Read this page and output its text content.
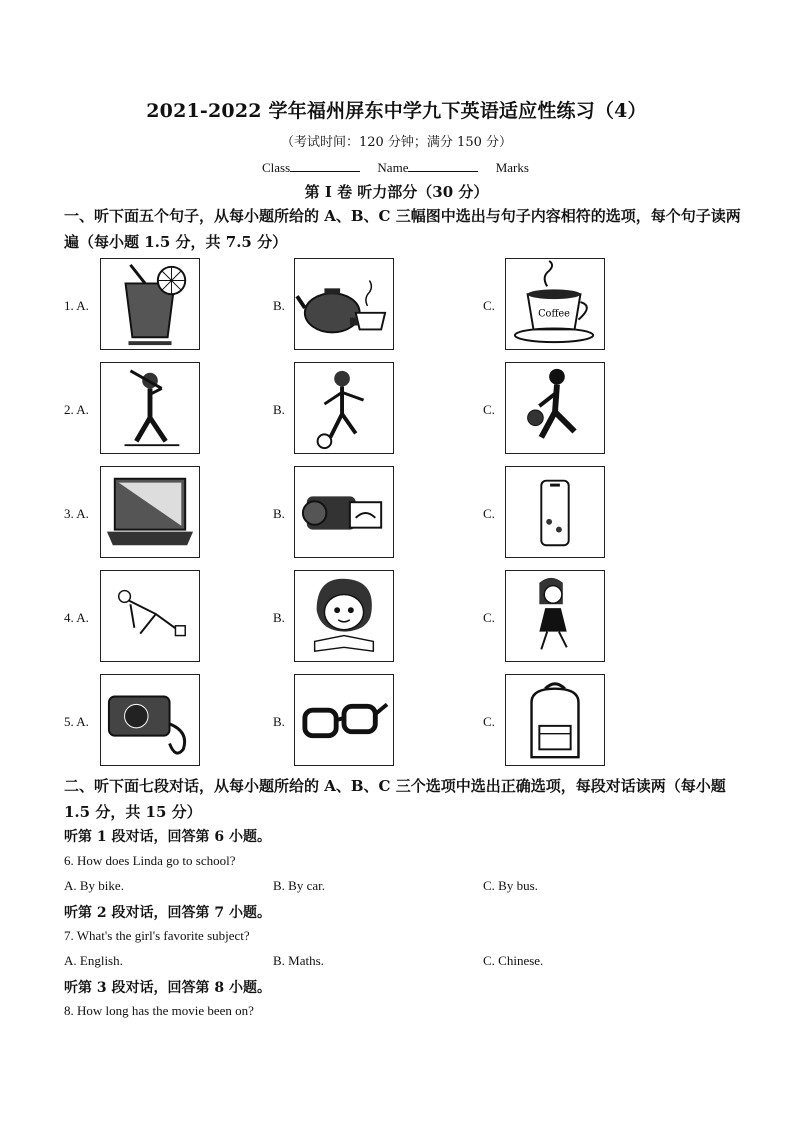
2021-2022 学年福州屏东中学九下英语适应性练习（4）
（考试时间：120 分钟；满分 150 分）
Class	Name	Marks
第 I 卷 听力部分（30 分）
一、听下面五个句子，从每小题所给的 A、B、C 三幅图中选出与句子内容相符的选项，每个句子读两遍（每小题 1.5 分，共 7.5 分）
1. A.	B.	C.
Coffee
2. A.	B.	C.
3. A.	B.	C.
4. A.	B.	C.
5. A.	B.	C.
二、听下面七段对话，从每小题所给的 A、B、C 三个选项中选出正确选项，每段对话读两（每小题 1.5 分，共 15 分）
听第 1 段对话，回答第 6 小题。
6. How does Linda go to school?
A. By bike.	B. By car.	C. By bus.
听第 2 段对话，回答第 7 小题。
7. What's the girl's favorite subject?
A. English.	B. Maths.	C. Chinese.
听第 3 段对话，回答第 8 小题。
8. How long has the movie been on?
